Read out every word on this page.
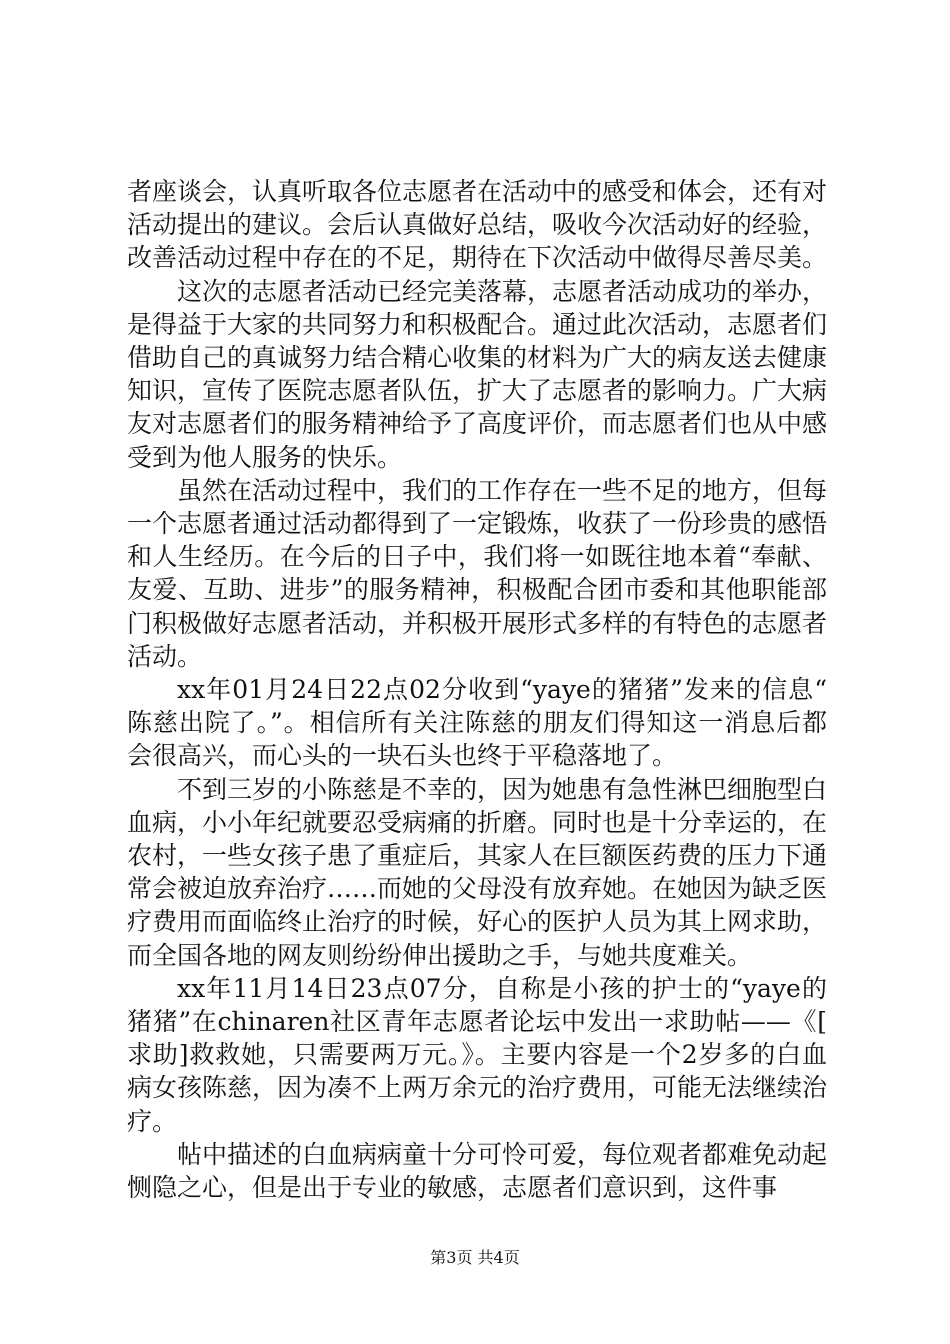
者座谈会，认真听取各位志愿者在活动中的感受和体会，还有对活动提出的建议。会后认真做好总结，吸收今次活动好的经验，改善活动过程中存在的不足，期待在下次活动中做得尽善尽美。

这次的志愿者活动已经完美落幕，志愿者活动成功的举办，是得益于大家的共同努力和积极配合。通过此次活动，志愿者们借助自己的真诚努力结合精心收集的材料为广大的病友送去健康知识，宣传了医院志愿者队伍，扩大了志愿者的影响力。广大病友对志愿者们的服务精神给予了高度评价，而志愿者们也从中感受到为他人服务的快乐。

虽然在活动过程中，我们的工作存在一些不足的地方，但每一个志愿者通过活动都得到了一定锻炼，收获了一份珍贵的感悟和人生经历。在今后的日子中，我们将一如既往地本着“奉献、友爱、互助、进步”的服务精神，积极配合团市委和其他职能部门积极做好志愿者活动，并积极开展形式多样的有特色的志愿者活动。

xx年01月24日22点02分收到“yaye的猪猪”发来的信息“陈慈出院了。”。相信所有关注陈慈的朋友们得知这一消息后都会很高兴，而心头的一块石头也终于平稳落地了。

不到三岁的小陈慈是不幸的，因为她患有急性淋巴细胞型白血病，小小年纪就要忍受病痛的折磨。同时也是十分幸运的，在农村，一些女孩子患了重症后，其家人在巨额医药费的压力下通常会被迫放弃治疗……而她的父母没有放弃她。在她因为缺乏医疗费用而面临终止治疗的时候，好心的医护人员为其上网求助，而全国各地的网友则纷纷伸出援助之手，与她共度难关。

xx年11月14日23点07分，自称是小孩的护士的“yaye的猪猪”在chinaren社区青年志愿者论坛中发出一求助帖——《[求助]救救她，只需要两万元。》。主要内容是一个2岁多的白血病女孩陈慈，因为凑不上两万余元的治疗费用，可能无法继续治疗。

帖中描述的白血病病童十分可怜可爱，每位观者都难免动起恻隐之心，但是出于专业的敏感，志愿者们意识到，这件事

第3页 共4页
